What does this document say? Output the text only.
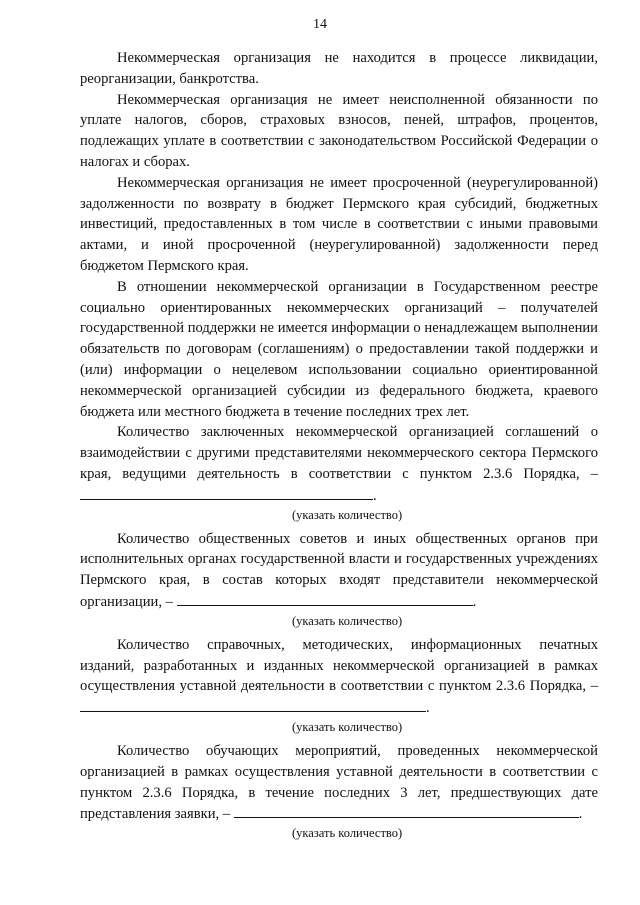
14

Некоммерческая организация не находится в процессе ликвидации, реорганизации, банкротства.

Некоммерческая организация не имеет неисполненной обязанности по уплате налогов, сборов, страховых взносов, пеней, штрафов, процентов, подлежащих уплате в соответствии с законодательством Российской Федерации о налогах и сборах.

Некоммерческая организация не имеет просроченной (неурегулированной) задолженности по возврату в бюджет Пермского края субсидий, бюджетных инвестиций, предоставленных в том числе в соответствии с иными правовыми актами, и иной просроченной (неурегулированной) задолженности перед бюджетом Пермского края.

В отношении некоммерческой организации в Государственном реестре социально ориентированных некоммерческих организаций – получателей государственной поддержки не имеется информации о ненадлежащем выполнении обязательств по договорам (соглашениям) о предоставлении такой поддержки и (или) информации о нецелевом использовании социально ориентированной некоммерческой организацией субсидии из федерального бюджета, краевого бюджета или местного бюджета в течение последних трех лет.

Количество заключенных некоммерческой организацией соглашений о взаимодействии с другими представителями некоммерческого сектора Пермского края, ведущими деятельность в соответствии с пунктом 2.3.6 Порядка, – .

(указать количество)

Количество общественных советов и иных общественных органов при исполнительных органах государственной власти и государственных учреждениях Пермского края, в состав которых входят представители некоммерческой организации, –	.

(указать количество)

Количество справочных, методических, информационных печатных изданий, разработанных и изданных некоммерческой организацией в рамках осуществления уставной деятельности в соответствии с пунктом 2.3.6 Порядка, – .

(указать количество)

Количество обучающих мероприятий, проведенных некоммерческой организацией в рамках осуществления уставной деятельности в соответствии с пунктом 2.3.6 Порядка, в течение последних 3 лет, предшествующих дате представления заявки, –	.

(указать количество)
